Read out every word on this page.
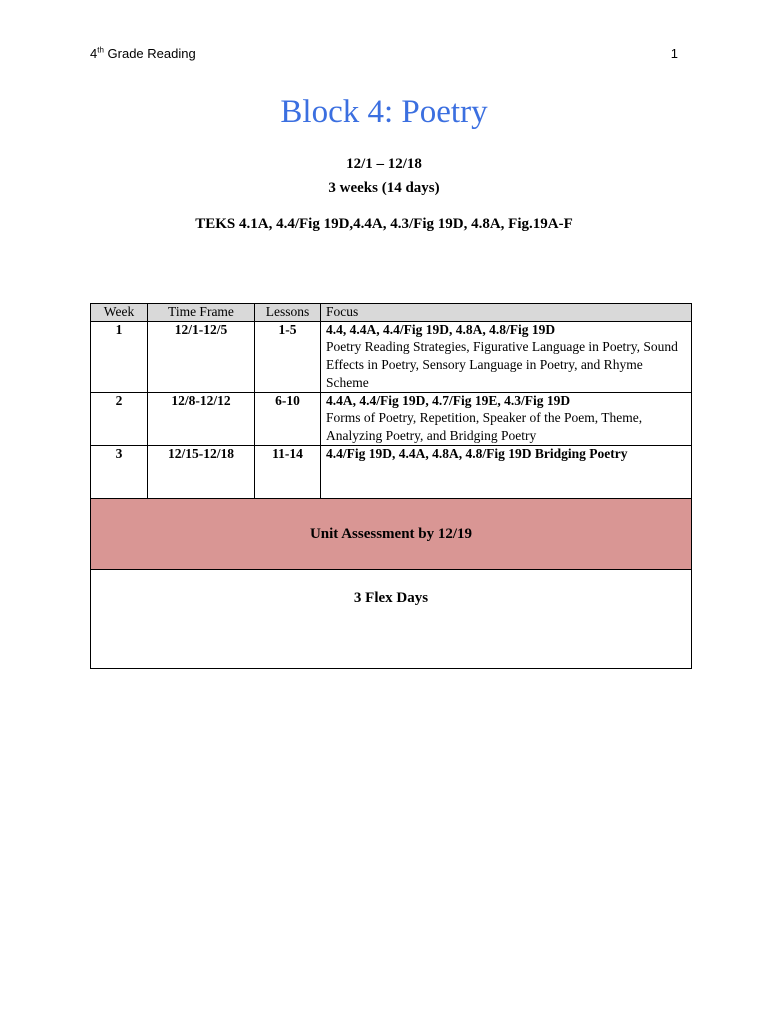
4th Grade Reading	1
Block 4: Poetry
12/1 – 12/18
3 weeks (14 days)
TEKS 4.1A, 4.4/Fig 19D,4.4A, 4.3/Fig 19D, 4.8A, Fig.19A-F
Week	Time Frame	Lessons	Focus
1	12/1-12/5	1-5	4.4, 4.4A, 4.4/Fig 19D, 4.8A, 4.8/Fig 19D
Poetry Reading Strategies, Figurative Language in Poetry, Sound Effects in Poetry, Sensory Language in Poetry, and Rhyme Scheme

2	12/8-12/12	6-10	4.4A, 4.4/Fig 19D, 4.7/Fig 19E, 4.3/Fig 19D
Forms of Poetry, Repetition, Speaker of the Poem, Theme, Analyzing Poetry, and Bridging Poetry

3	12/15-12/18	11-14	4.4/Fig 19D, 4.4A, 4.8A, 4.8/Fig 19D Bridging Poetry

Unit Assessment by 12/19			
3 Flex Days			
